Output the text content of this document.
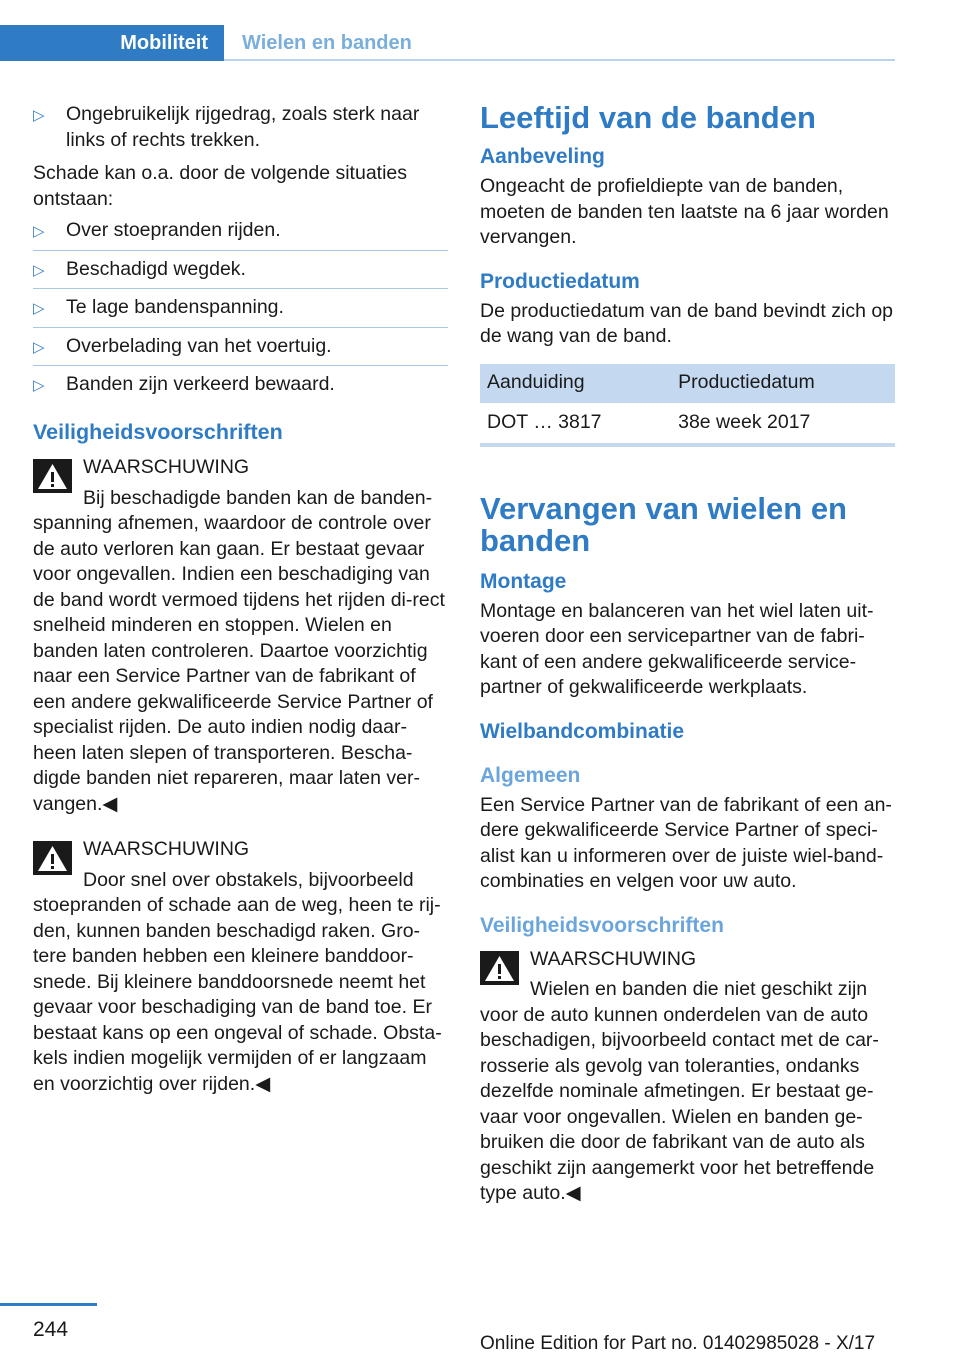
Mobiliteit	Wielen en banden
▷ Ongebruikelijk rijgedrag, zoals sterk naar links of rechts trekken.

Schade kan o.a. door de volgende situaties ontstaan:

▷ Over stoepranden rijden.
▷ Beschadigd wegdek.
▷ Te lage bandenspanning.
▷ Overbelading van het voertuig.
▷ Banden zijn verkeerd bewaard.
Veiligheidsvoorschriften

WAARSCHUWING

Bij beschadigde banden kan de banden-

spanning afnemen, waardoor de controle over de auto verloren kan gaan. Er bestaat gevaar voor ongevallen. Indien een beschadiging van de band wordt vermoed tijdens het rijden di-rect snelheid minderen en stoppen. Wielen en banden laten controleren. Daartoe voorzichtig naar een Service Partner van de fabrikant of een andere gekwalificeerde Service Partner of specialist rijden. De auto indien nodig daar-heen laten slepen of transporteren. Bescha-digde banden niet repareren, maar laten ver-vangen.◀

WAARSCHUWING

Door snel over obstakels, bijvoorbeeld

stoepranden of schade aan de weg, heen te rij-den, kunnen banden beschadigd raken. Gro-tere banden hebben een kleinere banddoor-snede. Bij kleinere banddoorsnede neemt het gevaar voor beschadiging van de band toe. Er bestaat kans op een ongeval of schade. Obsta-kels indien mogelijk vermijden of er langzaam en voorzichtig over rijden.◀

Leeftijd van de banden
Aanbeveling

Ongeacht de profieldiepte van de banden, moeten de banden ten laatste na 6 jaar worden vervangen.

Productiedatum

De productiedatum van de band bevindt zich op de wang van de band.

Aanduiding	Productiedatum
DOT … 3817	38e week 2017
Vervangen van wielen en banden
Montage

Montage en balanceren van het wiel laten uit-voeren door een servicepartner van de fabri-kant of een andere gekwalificeerde service-partner of gekwalificeerde werkplaats.

Wielbandcombinatie
Algemeen

Een Service Partner van de fabrikant of een an-dere gekwalificeerde Service Partner of speci-alist kan u informeren over de juiste wiel-band-combinaties en velgen voor uw auto.

Veiligheidsvoorschriften

WAARSCHUWING

Wielen en banden die niet geschikt zijn

voor de auto kunnen onderdelen van de auto beschadigen, bijvoorbeeld contact met de car-rosserie als gevolg van toleranties, ondanks dezelfde nominale afmetingen. Er bestaat ge-vaar voor ongevallen. Wielen en banden ge-bruiken die door de fabrikant van de auto als geschikt zijn aangemerkt voor het betreffende type auto.◀

244
Online Edition for Part no. 01402985028 - X/17
